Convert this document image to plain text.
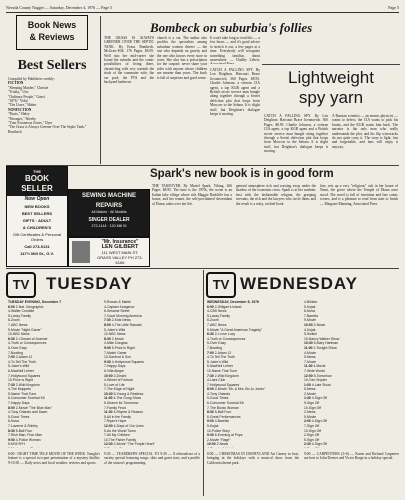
Nevada County Nugget — Saturday, December 4, 1976 — Page 5	Page 5
Book News
& Reviews
Best Sellers
Compiled by Publishers weekly:
FICTION
"Sleeping Murder," Christie
"Trinity," Uris
"Ordinary People," Guest
"1876," Vidal
"The Users," Haber
NONFICTION
"Roots," Haley
"Passages," Sheehy
"Your Erroneous Zones," Dyer
"The Grass is Always Greener Over The Septic Tank," Bombeck
Bombeck on suburbia's follies
THE GRASS IS ALWAYS GREENER OVER THE SEPTIC TANK. By Erma Bombeck. McGraw-Hill. 176 Pages. $6.95. Well into her mid-career she found the suburbs and the comic possibilities of living there, chronicling with wry warmth the trials of the commuter wife, the car pool, the PTA and the backyard barbecue.
church is a cut. The author also profiles the specialists among suburban women drivers — the one who depends on gravity and the one who knows every store in town. She also has a prescription for the carpool: never share your rides with anyone whose children are smarter than yours. The book is full of surprises and good sense.
It won't take long to read this — a few hours — and it's good advice to stretch it out, a few pages at a time. Everybody will recognize something familiar, about somewhere. — Dudley Lehew,
Lightweight
spy yarn
CATCH A FALLING SPY. By Len Deighton. Harcourt Brace Jovanovich. 360 Pages. $8.95. Charlie Johnson, a veteran CIA agent, a top KGB agent and a British secret service man bungle along together through a Soviet defection plot that loops from Moscow to the Sahara. It is slight stuff, but Deighton's dialogue keeps it moving.
A Russian scientist — an atomic physicist — wants to defect; the CIA wants to pick his brains, and the KGB wants him back. The narrator is the only man who really understands the plot, and his flip wisecracks do not quite carry it. The story is light, fast and forgettable, and fans will enjoy it anyway.
CATCH A FALLING SPY. By Len Deighton. Harcourt Brace Jovanovich. 360 Pages. $8.95. Charlie Johnson, a veteran CIA agent, a top KGB agent and a British secret service man bungle along together through a Soviet defection plot that loops from Moscow to the Sahara. It is slight stuff, but Deighton's dialogue keeps it moving.
THE
BOOK
SELLER
Now Open
NEW BOOKS
BEST SELLERS
GIFTS · ADULT
& CHILDREN'S
Gift Certificates & Personal Orders
Call 273-5131
147½ Mill St., G.V.
SEWING MACHINE
REPAIRS
All Makes · All Models
SINGER DEALER
273-1144 · 120 Mill St
"Mr. Insurance"
LEN GILBERT
111 WEST MAIN ST.
GRASS VALLEY PH 273-6166
Spark's new book is in good form
THE TAKEOVER. By Muriel Spark. Viking. 266 Pages. $8.95. The time is the 1970s, the scene is an Italian lake village where rich Maggie Radcliffe has a house, and her tenant, the self-proclaimed descendant of Diana, takes over her life.
general atmosphere rich and wasting away under the shadow of the economic crisis. Spark is at her sardonic best with the fashionable religion, the grasping servants, the rich and the lawyers who circle them, and the result is a witty, wicked book.
fine, sets up a very "religious" cult in her house of Nemi, the grove where the Temple of Diana once stood. The novel is full of invention and fine comic scenes, and is a pleasure to read from start to finish — Margaret Manning, Associated Press
TV TUESDAY	TV WEDNESDAY
TUESDAY EVENING, December 7
6:00 2-Nat. Geographic
4-Walter Cronkite
5-Lanzy Family
6-Zoom
7-ABC News
9-Movie "Night Game"
10-NBC News
6:30 2-I Dream of Jeannie
4-Truth or Consequences
6-Over Easy
7-Bowling
7:00 2-Adam 12
4-To Tell The Truth
5-Joker's Wild
6-MacNeil Lehrer
7-Hollywood Squares
10-Price is Right
7:30 2-Wild Kingdom
4-The Muppets
5-Name That Tune
6-Consumer Survival Kit
7-Happy Days
8:00 2-Movie "The Blue Max"
4-Tony Orlando and Dawn
5-Good Times
6-Nova
7-Laverne & Shirley
8:30 5-Ball Four
7-Rich Man, Poor Man
9:00 4-Police Woman
5-M*A*S*H
9-Rowan & Martin
4-Captain Kangaroo
6-Sesame Street
7-Good Morning America
7:30 2-Kids News
8:00 4-The Little Rascals
5-Joker's Wild
10-NBC News
8:30 2-Movie
4-Mike Douglas
9:00 5-Price is Right
7-Match Game
10-Sanford & Son
9:30 4-Hollywood Squares
7-Happy Days
6-Villa Alegre
10:00 2-Dinah!
4-Wheel of Fortune
5-Love of Life
7-The Edge of Night
10:30 5-Young & Restless
11:00 4-The Gong Show
5-Search for Tomorrow
7-Family Feud
11:30 4-Rhyme & Reason
5-All in the Family
7-Ryan's Hope
12:00 4-Days of Our Lives
5-As the World Turns
7-All My Children
10-The Fisher Family
12:30 2-Movie "The Purple Heart"
WEDNESDAY, December 8, 1976
6:00 2-Gilligan's Island
4-CBS News
5-Lanzy Family
6-Zoom
7-ABC News
9-Movie "A Great American Tragedy"
6:30 2-I Love Lucy
4-Truth or Consequences
5-Over Easy
7-Bowling
7:00 2-Adam 12
4-To Tell The Truth
5-Joker's Wild
6-MacNeil Lehrer
10-Name That Tune
7:30 2-Wild Kingdom
4-Liars Club
7-Hollywood Squares
8:00 2-Movie "Mr. & Mrs. Bo Jo Jones"
4-Tony Orlando
5-Good Times
6-Consumer Survival Kit
7-The Bionic Woman
8:30 5-Ball Four
6-Great Performances
9:00 4-Baretta
5-Kojak
10-Police Story
9:30 6-Evening at Pops
2-Movie "Rage"
10:00 2-News
4-Blinker
5-Kojak
6-Nova
7-Baretta
9-Movie
10:00 2-News
4-Kojak
5-Switch
10-Nancy Walker Show
10:30 5-Mary Hartman
11:00 2-Tonight Show
4-Movie
5-News
7-Movie
11:30 4-Movie
7-Wide World
12:00 5-Tomorrow
10-Tom Snyder
1:00 4-Late Show
5-News
2-Movie
1:30 4-Sign Off
9-Sign Off
10-Sign Off
2-News
5-Movie
2:00 4-Sign Off
7-Sign Off
10-Sign Off
2-Sign Off
5-Sign Off
2:30 4-Sign Off
8:00 - NIGHT TIME TELE MOVIE OF THE WEEK. Tonight's feature is a special two-part presentation of a mystery thriller. 9-10:30 — Daily news and local weather, reviews and sports.
9:30 — TEARDROPS SPECIAL TO 9:30 — A rebroadcast of a variety special featuring songs, skits and guest stars, and a profile of the season's programming.
8:00 — CHRISTMAS IN DISNEYLAND Art Carney as host, bringing in the holidays with a musical show from the California theme park.
9:00 — CARPENTERS (2+6) — Karen and Richard Carpenter are host to John Denver and Victor Borge in a holiday special.
